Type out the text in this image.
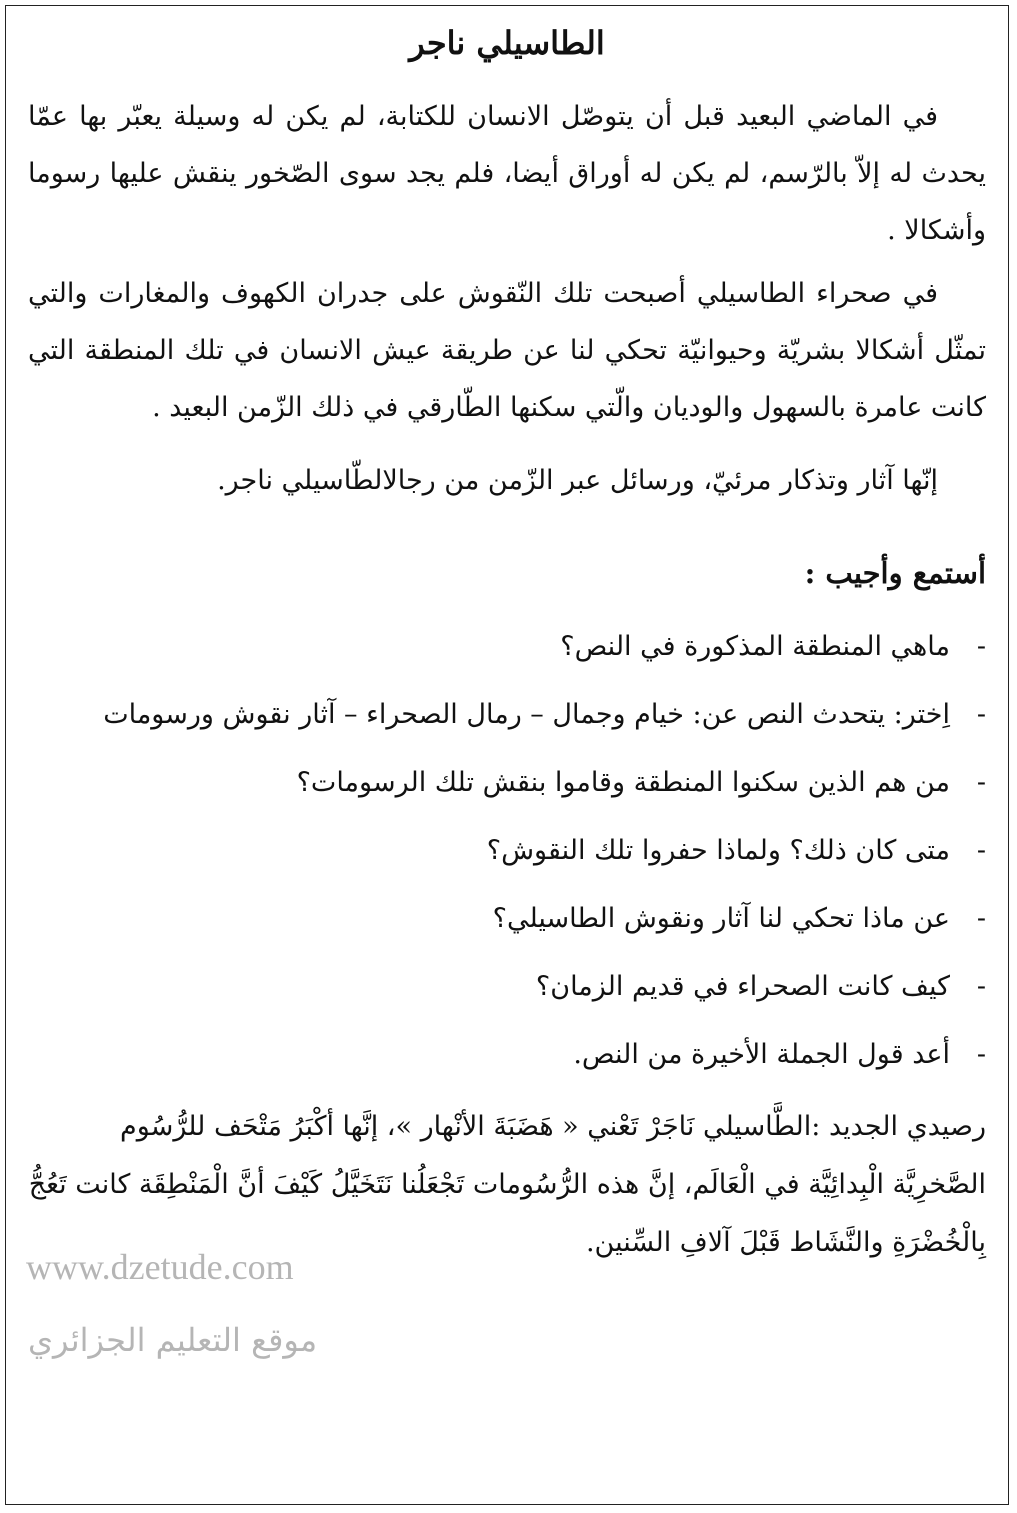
الطاسيلي ناجر

في الماضي البعيد قبل أن يتوصّل الانسان للكتابة، لم يكن له وسيلة يعبّر بها عمّا يحدث له إلاّ بالرّسم، لم يكن له أوراق أيضا، فلم يجد سوى الصّخور ينقش عليها رسوما وأشكالا .

في صحراء الطاسيلي أصبحت تلك النّقوش على جدران الكهوف والمغارات والتي تمثّل أشكالا بشريّة وحيوانيّة تحكي لنا عن طريقة عيش الانسان في تلك المنطقة التي كانت عامرة بالسهول والوديان والّتي سكنها الطّارقي في ذلك الزّمن البعيد .

إنّها آثار وتذكار مرئيّ، ورسائل عبر الزّمن من رجالالطّاسيلي ناجر.

أستمع وأجيب :
-ماهي المنطقة المذكورة في النص؟
-اِختر: يتحدث النص عن: خيام وجمال – رمال الصحراء – آثار نقوش ورسومات
-من هم الذين سكنوا المنطقة وقاموا بنقش تلك الرسومات؟
-متى كان ذلك؟ ولماذا حفروا تلك النقوش؟
-عن ماذا تحكي لنا آثار ونقوش الطاسيلي؟
-كيف كانت الصحراء في قديم الزمان؟
-أعد قول الجملة الأخيرة من النص.

رصيدي الجديد :الطَّاسيلي نَاجَرْ تَعْني « هَضَبَةَ الأنْهار »، إنَّها أكْبَرُ مَتْحَف للرُّسُوم الصَّخرِيَّة الْبِدائِيَّة في الْعَالَم، إنَّ هذه الرُّسُومات تَجْعَلُنا نَتَخَيَّلُ كَيْفَ أنَّ الْمَنْطِقَة كانت تَعُجُّ بِالْخُضْرَةِ والنَّشَاط قَبْلَ آلافِ السِّنين.

www.dzetude.com
موقع التعليم الجزائري
